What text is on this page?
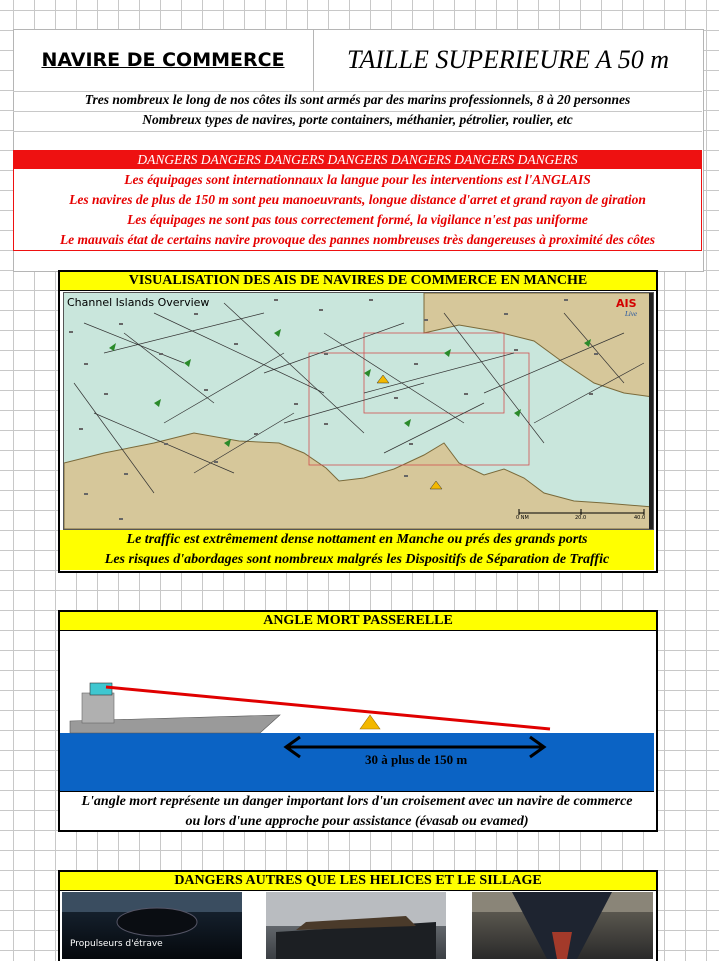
NAVIRE DE COMMERCE TAILLE SUPERIEURE A 50 m
Tres nombreux le long de nos côtes ils sont armés par des marins professionnels, 8 à 20 personnes
Nombreux types de navires, porte containers, méthanier, pétrolier, roulier, etc
DANGERS DANGERS DANGERS DANGERS DANGERS DANGERS DANGERS
Les équipages sont internationnaux la langue pour les interventions est l'ANGLAIS
Les navires de plus de 150 m sont peu manoeuvrants, longue distance d'arret et grand rayon de giration
Les équipages ne sont pas tous correctement formé, la vigilance n'est pas uniforme
Le mauvais état de certains navire provoque des pannes nombreuses très dangereuses à proximité des côtes
VISUALISATION DES AIS DE NAVIRES DE COMMERCE EN MANCHE
Channel Islands Overview	AIS
Live
0 NM	20.0	40.0
Le traffic est extrêmement dense nottament en Manche ou prés des grands ports
Les risques d'abordages sont nombreux malgrés les Dispositifs de Séparation de Traffic
ANGLE MORT PASSERELLE
30 à plus de 150 m
L'angle mort représente un danger important lors d'un croisement avec un navire de commerce
ou lors d'une approche pour assistance (évasab ou evamed)
DANGERS AUTRES QUE LES HELICES ET LE SILLAGE
Propulseurs d'étrave
